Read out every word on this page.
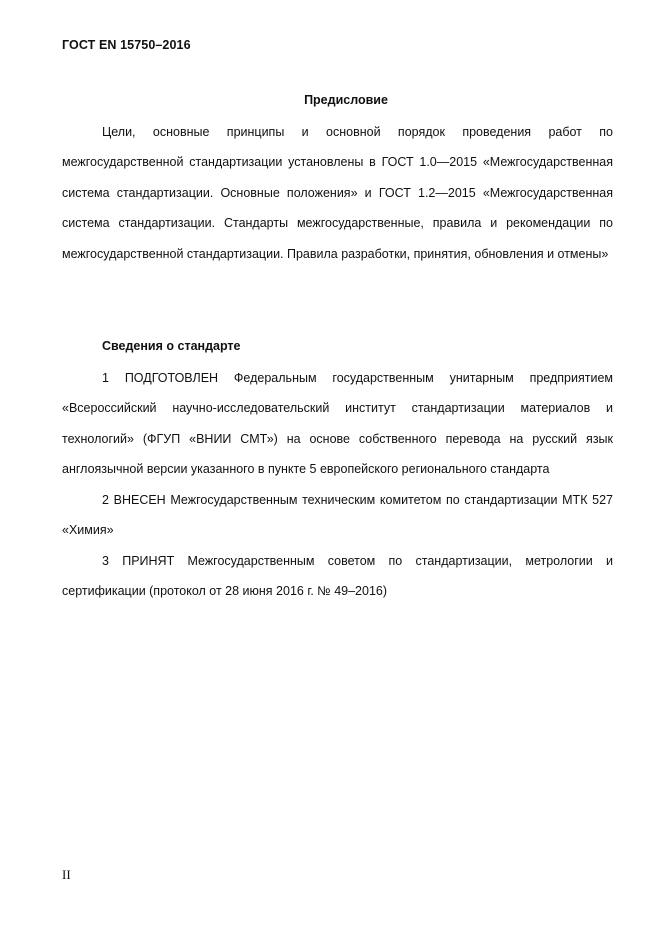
ГОСТ EN 15750–2016
Предисловие

Цели, основные принципы и основной порядок проведения работ по межгосударственной стандартизации установлены в ГОСТ 1.0—2015 «Межгосударственная система стандартизации. Основные положения» и ГОСТ 1.2—2015 «Межгосударственная система стандартизации. Стандарты межгосударственные, правила и рекомендации по межгосударственной стандартизации. Правила разработки, принятия, обновления и отмены»

Сведения о стандарте

1 ПОДГОТОВЛЕН Федеральным государственным унитарным предприятием «Всероссийский научно-исследовательский институт стандартизации материалов и технологий» (ФГУП «ВНИИ СМТ») на основе собственного перевода на русский язык англоязычной версии указанного в пункте 5 европейского регионального стандарта

2 ВНЕСЕН Межгосударственным техническим комитетом по стандартизации МТК 527 «Химия»

3 ПРИНЯТ Межгосударственным советом по стандартизации, метрологии и сертификации (протокол от 28 июня 2016 г. № 49–2016)

II
